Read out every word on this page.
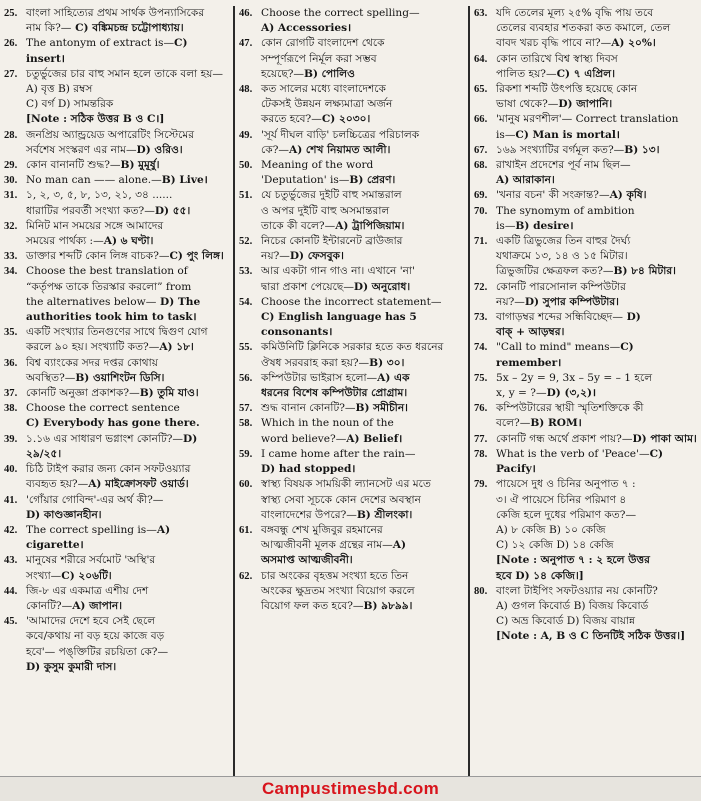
25. বাংলা সাহিত্যের প্রথম সার্থক উপন্যাসিকের
নাম কি?— C) বঙ্কিমচন্দ্র চট্টোপাধ্যায়।
26. The antonym of extract is—C) insert।
27. চতুর্ভুজের চার বাহু সমান হলে তাকে বলা হয়—
A) বৃত্ত B) রম্বস
C) বর্গ D) সামন্তরিক
[Note : সঠিক উত্তর B ও C।]
28. জনপ্রিয় অ্যান্ড্রয়েড অপারেটিং সিস্টেমের
সর্বশেষ সংস্করণ এর নাম—D) ওরিও।
29. কোন বানানটি শুদ্ধ?—B) মুমূর্ষু।
30. No man can —— alone.—B) Live।
31. ১, ২, ৩, ৫, ৮, ১৩, ২১, ৩৪ ......
ধারাটির পরবর্তী সংখ্যা কত?—D) ৫৫।
32. মিনিট মান সময়ের সঙ্গে আমাদের
সময়ের পার্থক্য :—A) ৬ ঘণ্টা।
33. ডাক্তার শব্দটি কোন লিঙ্গ বাচক?—C) পুং লিঙ্গ।
34. Choose the best translation of
“কর্তৃপক্ষ তাকে তিরস্কার করলো” from
the alternatives below— D) The
authorities took him to task।
35. একটি সংখ্যার তিনগুণের সাথে দ্বিগুণ যোগ
করলে ৯০ হয়। সংখ্যাটি কত?—A) ১৮।
36. বিশ্ব ব্যাংকের সদর দপ্তর কোথায়
অবস্থিত?—B) ওয়াশিংটন ডিসি।
37. কোনটি অনুজ্ঞা প্রকাশক?—B) তুমি যাও।
38. Choose the correct sentence
C) Everybody has gone there.
39. ১.১৬ এর সাধারণ ভগ্নাংশ কোনটি?—D) ২৯/২৫।
40. চিঠি টাইপ করার জন্য কোন সফটওয়্যার
ব্যবহৃত হয়?—A) মাইক্রোসফট ওয়ার্ড।
41. 'গোঁয়ার গোবিন্দ'-এর অর্থ কী?—
D) কাণ্ডজ্ঞানহীন।
42. The correct spelling is—A) cigarette।
43. মানুষের শরীরে সর্বমোট 'অস্থি'র
সংখ্যা—C) ২০৬টি।
44. জি-৮ এর একমাত্র এশীয় দেশ
কোনটি?—A) জাপান।
45. 'আমাদের দেশে হবে সেই ছেলে
কবে/কথায় না বড় হয়ে কাজে বড়
হবে'— পঙ্‌ক্তিটির রচয়িতা কে?—
D) কুসুম কুমারী দাস।
46. Choose the correct spelling—
A) Accessories।
47. কোন রোগটি বাংলাদেশ থেকে
সম্পূর্ণরূপে নির্মূল করা সম্ভব
হয়েছে?—B) পোলিও
48. কত সালের মধ্যে বাংলাদেশকে
টেকসই উন্নয়ন লক্ষ্যমাত্রা অর্জন
করতে হবে?—C) ২০৩০।
49. 'সূর্য দীঘল বাড়ি' চলচ্চিত্রের পরিচালক
কে?—A) শেখ নিয়ামত আলী।
50. Meaning of the word
'Deputation' is—B) প্রেরণ।
51. যে চতুর্ভুজের দুইটি বাহু সমান্তরাল
ও অপর দুইটি বাহু অসমান্তরাল
তাকে কী বলে?—A) ট্রাপিজিয়াম।
52. নিচের কোনটি ইন্টারনেট ব্রাউজার
নয়?—D) ফেসবুক।
53. আর একটা গান গাও না। এখানে 'না'
দ্বারা প্রকাশ পেয়েছে—D) অনুরোধ।
54. Choose the incorrect statement—
C) English language has 5
consonants।
55. কমিউনিটি ক্লিনিকে সরকার হতে কত ধরনের
ঔষধ সরবরাহ করা হয়?—B) ৩০।
56. কম্পিউটার ভাইরাস হলো—A) এক
ধরনের বিশেষ কম্পিউটার প্রোগ্রাম।
57. শুদ্ধ বানান কোনটি?—B) সমীচীন।
58. Which in the noun of the
word believe?—A) Belief।
59. I came home after the rain—
D) had stopped।
60. স্বাস্থ্য বিষয়ক সাময়িকী ল্যানসেট এর মতে
স্বাস্থ্য সেবা সূচকে কোন দেশের অবস্থান
বাংলাদেশের উপরে?—B) শ্রীলংকা।
61. বঙ্গবন্ধু শেখ মুজিবুর রহমানের
আত্মজীবনী মূলক গ্রন্থের নাম—A)
অসমাপ্ত আত্মজীবনী।
62. চার অংকের বৃহত্তম সংখ্যা হতে তিন
অংকের ক্ষুদ্রতম সংখ্যা বিয়োগ করলে
বিয়োগ ফল কত হবে?—B) ৯৮৯৯।
63. যদি তেলের মূল্য ২৫% বৃদ্ধি পায় তবে
তেলের ব্যবহার শতকরা কত কমালে, তেল
বাবদ খরচ বৃদ্ধি পাবে না?—A) ২০%।
64. কোন তারিখে বিশ্ব স্বাস্থ্য দিবস
পালিত হয়?—C) ৭ এপ্রিল।
65. রিকশা শব্দটি উৎপত্তি হয়েছে কোন
ভাষা থেকে?—D) জাপানি।
66. 'মানুষ মরণশীল'— Correct translation
is—C) Man is mortal।
67. ১৬৯ সংখ্যাটির বর্গমূল কত?—B) ১৩।
68. রাখাইন প্রদেশের পূর্ব নাম ছিল—
A) আরাকান।
69. 'খনার বচন' কী সংক্রান্ত?—A) কৃষি।
70. The synomym of ambition
is—B) desire।
71. একটি ত্রিভুজের তিন বাহুর দৈর্ঘ্য
যথাক্রমে ১৩, ১৪ ও ১৫ মিটার।
ত্রিভুজটির ক্ষেত্রফল কত?—B) ৮৪ মিটার।
72. কোনটি পারসোনাল কম্পিউটার
নয়?—D) সুপার কম্পিউটার।
73. বাগাড়ম্বর শব্দের সন্ধিবিচ্ছেদ— D)
বাক্‌ + আড়ম্বর।
74. "Call to mind" means—C) remember।
75. 5x – 2y = 9, 3x – 5y = – 1 হলে
x, y = ?—D) (৩,২)।
76. কম্পিউটারের স্থায়ী স্মৃতিশক্তিকে কী
বলে?—B) ROM।
77. কোনটি গন্ধ অর্থে প্রকাশ পায়?—D) পাকা আম।
78. What is the verb of 'Peace'—C) Pacify।
79. পায়েসে দুধ ও চিনির অনুপাত ৭ :
৩। ঐ পায়েসে চিনির পরিমাণ ৪
কেজি হলে দুধের পরিমাণ কত?—
A) ৮ কেজি B) ১০ কেজি
C) ১২ কেজি D) ১৪ কেজি
[Note : অনুপাত ৭ : ২ হলে উত্তর
হবে D) ১৪ কেজি।]
80. বাংলা টাইপিং সফটওয়্যার নয় কোনটি?
A) গুগল কিবোর্ড B) বিজয় কিবোর্ড
C) অভ্র কিবোর্ড D) বিজয় বায়ান্ন
[Note : A, B ও C তিনটিই সঠিক উত্তর।]
Campustimesbd.com
